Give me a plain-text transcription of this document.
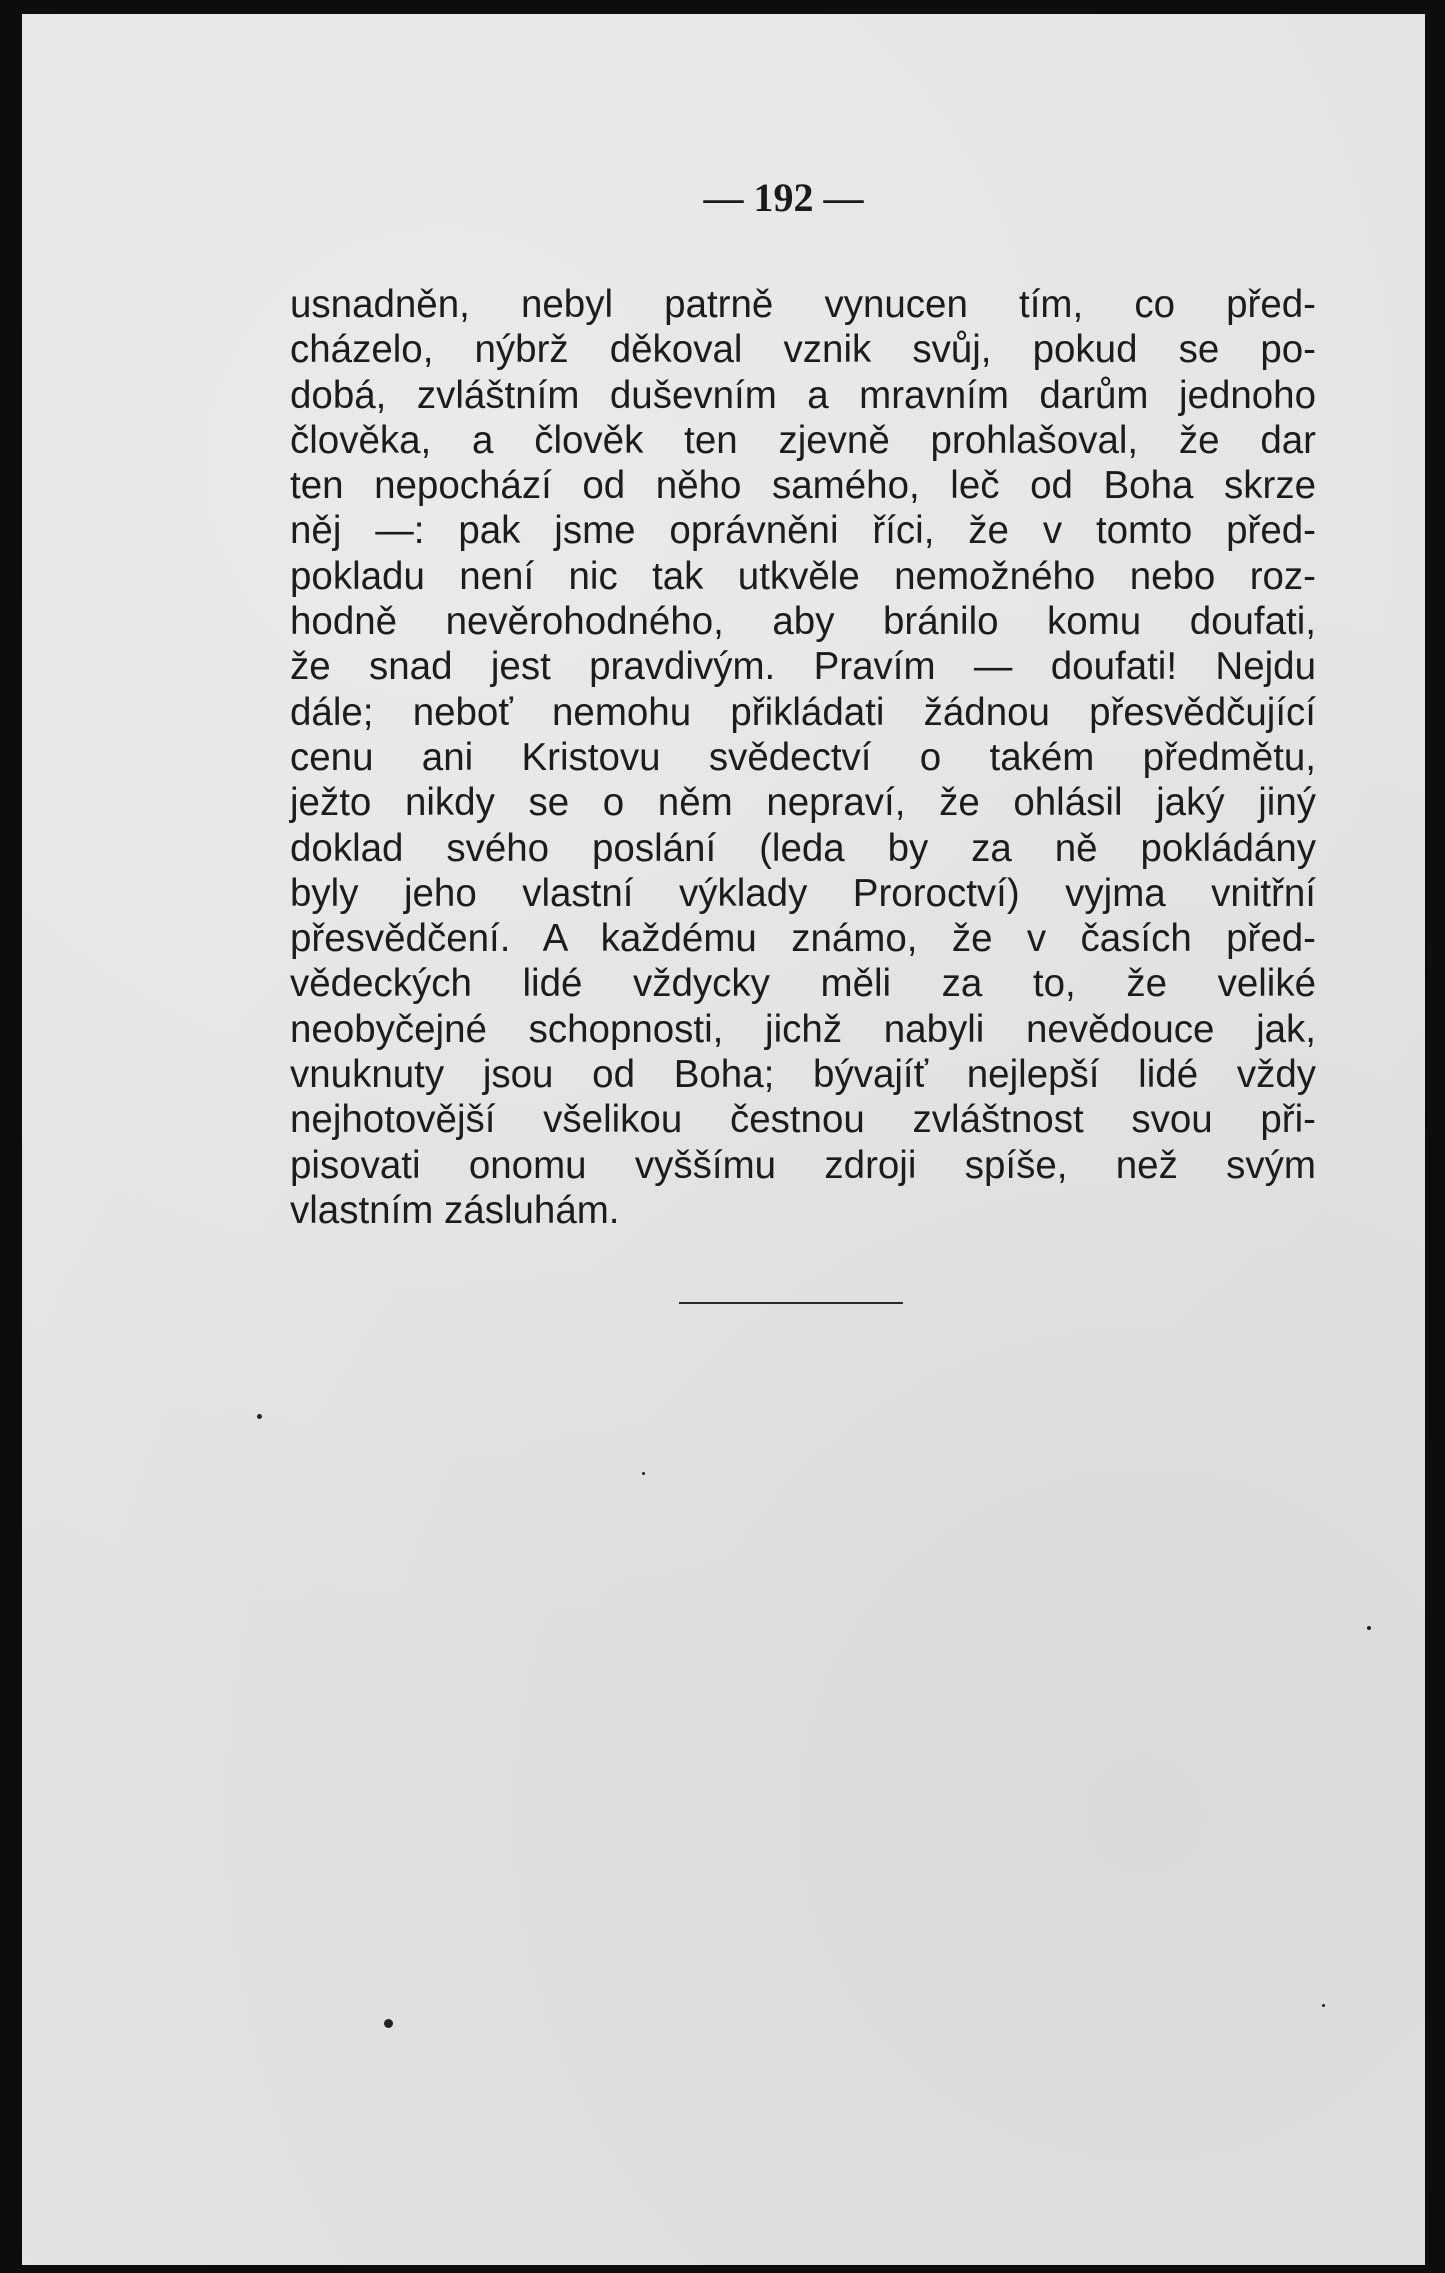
— 192 —
usnadněn, nebyl patrně vynucen tím, co před-
cházelo, nýbrž děkoval vznik svůj, pokud se po-
dobá, zvláštním duševním a mravním darům jednoho
člověka, a člověk ten zjevně prohlašoval, že dar
ten nepochází od něho samého, leč od Boha skrze
něj —: pak jsme oprávněni říci, že v tomto před-
pokladu není nic tak utkvěle nemožného nebo roz-
hodně nevěrohodného, aby bránilo komu doufati,
že snad jest pravdivým. Pravím — doufati! Nejdu
dále; neboť nemohu přikládati žádnou přesvědčující
cenu ani Kristovu svědectví o takém předmětu,
ježto nikdy se o něm nepraví, že ohlásil jaký jiný
doklad svého poslání (leda by za ně pokládány
byly jeho vlastní výklady Proroctví) vyjma vnitřní
přesvědčení. A každému známo, že v časích před-
vědeckých lidé vždycky měli za to, že veliké
neobyčejné schopnosti, jichž nabyli nevědouce jak,
vnuknuty jsou od Boha; bývajíť nejlepší lidé vždy
nejhotovější všelikou čestnou zvláštnost svou při-
pisovati onomu vyššímu zdroji spíše, než svým
vlastním zásluhám.
